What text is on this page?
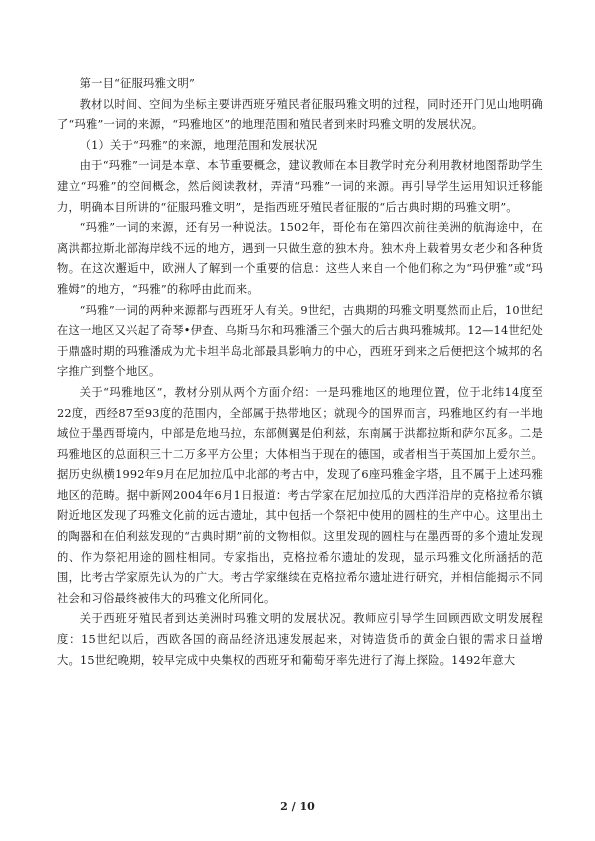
第一目“征服玛雅文明”

教材以时间、空间为坐标主要讲西班牙殖民者征服玛雅文明的过程，同时还开门见山地明确了“玛雅”一词的来源，“玛雅地区”的地理范围和殖民者到来时玛雅文明的发展状况。

（1）关于“玛雅”的来源，地理范围和发展状况

由于“玛雅”一词是本章、本节重要概念，建议教师在本目教学时充分利用教材地图帮助学生建立“玛雅”的空间概念，然后阅读教材，弄清“玛雅”一词的来源。再引导学生运用知识迁移能力，明确本目所讲的“征服玛雅文明”，是指西班牙殖民者征服的“后古典时期的玛雅文明”。

“玛雅”一词的来源，还有另一种说法。1502年，哥伦布在第四次前往美洲的航海途中，在离洪都拉斯北部海岸线不远的地方，遇到一只做生意的独木舟。独木舟上载着男女老少和各种货物。在这次邂逅中，欧洲人了解到一个重要的信息：这些人来自一个他们称之为“玛伊雅”或“玛雅姆”的地方，“玛雅”的称呼由此而来。

“玛雅”一词的两种来源都与西班牙人有关。9世纪，古典期的玛雅文明戛然而止后，10世纪在这一地区又兴起了奇琴•伊查、乌斯马尔和玛雅潘三个强大的后古典玛雅城邦。12—14世纪处于鼎盛时期的玛雅潘成为尤卡坦半岛北部最具影响力的中心，西班牙到来之后便把这个城邦的名字推广到整个地区。

关于“玛雅地区”，教材分别从两个方面介绍：一是玛雅地区的地理位置，位于北纬14度至22度，西经87至93度的范围内，全部属于热带地区；就现今的国界而言，玛雅地区约有一半地域位于墨西哥境内，中部是危地马拉，东部侧翼是伯利兹，东南属于洪都拉斯和萨尔瓦多。二是玛雅地区的总面积三十二万多平方公里；大体相当于现在的德国，或者相当于英国加上爱尔兰。据历史纵横1992年9月在尼加拉瓜中北部的考古中，发现了6座玛雅金字塔，且不属于上述玛雅地区的范畴。据中新网2004年6月1日报道：考古学家在尼加拉瓜的大西洋沿岸的克格拉希尔镇附近地区发现了玛雅文化前的远古遗址，其中包括一个祭祀中使用的圆柱的生产中心。这里出土的陶器和在伯利兹发现的“古典时期”前的文物相似。这里发现的圆柱与在墨西哥的多个遗址发现的、作为祭祀用途的圆柱相同。专家指出，克格拉希尔遗址的发现，显示玛雅文化所涵括的范围，比考古学家原先认为的广大。考古学家继续在克格拉希尔遗址进行研究，并相信能揭示不同社会和习俗最终被伟大的玛雅文化所同化。

关于西班牙殖民者到达美洲时玛雅文明的发展状况。教师应引导学生回顾西欧文明发展程度：15世纪以后，西欧各国的商品经济迅速发展起来，对铸造货币的黄金白银的需求日益增大。15世纪晚期，较早完成中央集权的西班牙和葡萄牙率先进行了海上探险。1492年意大

2 / 10
